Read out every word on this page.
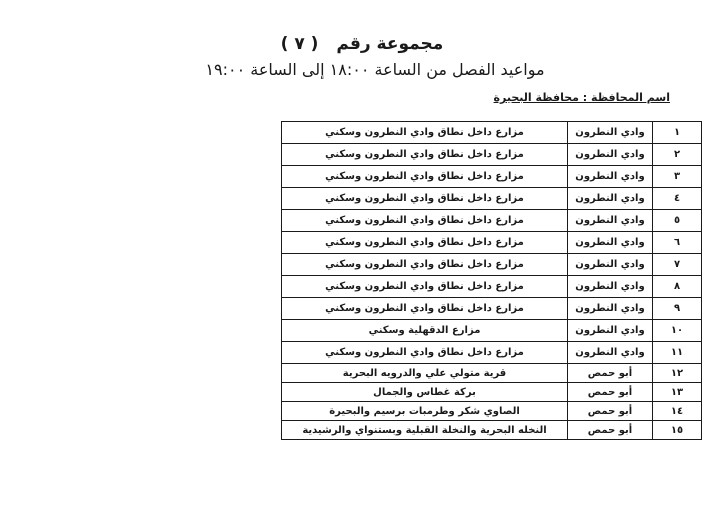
مجموعة رقم ( ٧ )
مواعيد الفصل من الساعة ١٨:٠٠ إلى الساعة ١٩:٠٠
اسم المحافظة : محافظة البحيرة
١	وادي النطرون	مزارع داخل نطاق وادي النطرون وسكني
٢	وادي النطرون	مزارع داخل نطاق وادي النطرون وسكني
٣	وادي النطرون	مزارع داخل نطاق وادي النطرون وسكني
٤	وادي النطرون	مزارع داخل نطاق وادي النطرون وسكني
٥	وادي النطرون	مزارع داخل نطاق وادي النطرون وسكني
٦	وادي النطرون	مزارع داخل نطاق وادي النطرون وسكني
٧	وادي النطرون	مزارع داخل نطاق وادي النطرون وسكني
٨	وادي النطرون	مزارع داخل نطاق وادي النطرون وسكني
٩	وادي النطرون	مزارع داخل نطاق وادي النطرون وسكني
١٠	وادي النطرون	مزارع الدقهلية وسكني
١١	وادي النطرون	مزارع داخل نطاق وادي النطرون وسكني
١٢	أبو حمص	قرية متولي علي والدرويه البحرية
١٣	أبو حمص	بركة غطاس والجمال
١٤	أبو حمص	الصاوي شكر وطرمبات برسيم والبحيرة
١٥	أبو حمص	النخله البحرية والنخلة القبلية وبستنواي والرشيدية
